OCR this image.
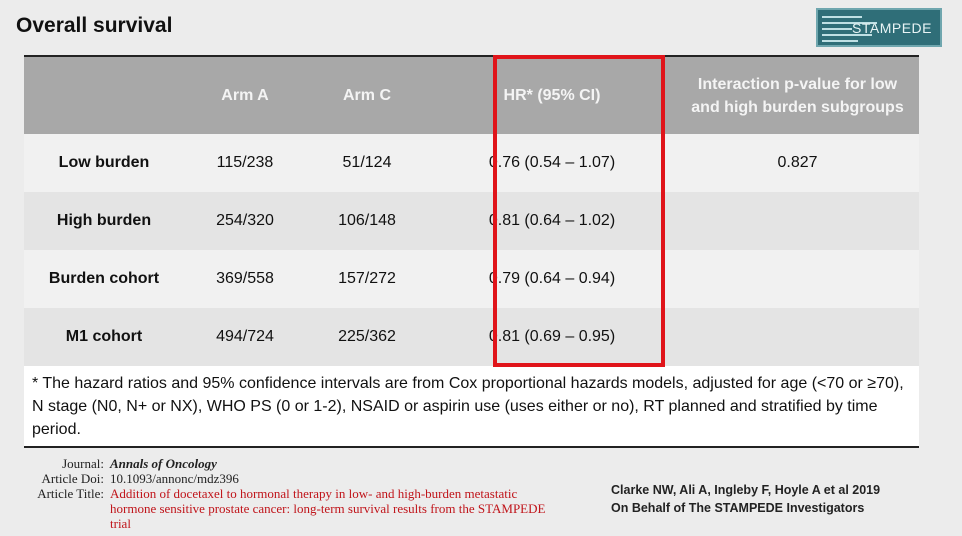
Overall survival	STAMPEDE
	Arm A	Arm C	HR* (95% CI)	Interaction p-value for low and high burden subgroups
Low burden	115/238	51/124	0.76 (0.54 – 1.07)	0.827
High burden	254/320	106/148	0.81 (0.64 – 1.02)	
Burden cohort	369/558	157/272	0.79 (0.64 – 0.94)	
M1 cohort	494/724	225/362	0.81 (0.69 – 0.95)	
* The hazard ratios and 95% confidence intervals are from Cox proportional hazards models, adjusted for age (<70 or ≥70), N stage (N0, N+ or NX), WHO PS (0 or 1-2), NSAID or aspirin use (uses either or no), RT planned and stratified by time period.
Journal: Annals of Oncology
Article Doi: 10.1093/annonc/mdz396
Article Title: Addition of docetaxel to hormonal therapy in low- and high-burden metastatic hormone sensitive prostate cancer: long-term survival results from the STAMPEDE trial
Clarke NW, Ali A, Ingleby F, Hoyle A et al 2019
On Behalf of The STAMPEDE Investigators
